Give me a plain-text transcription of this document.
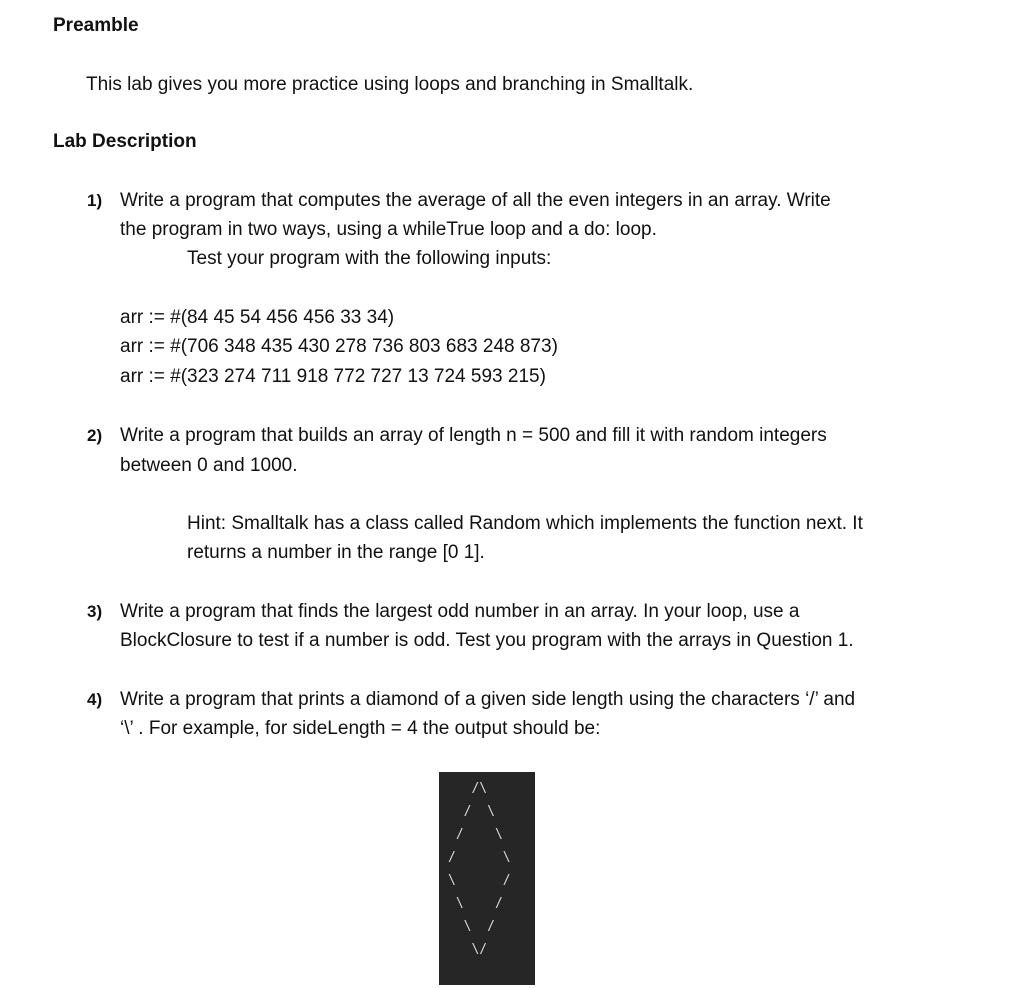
Preamble
This lab gives you more practice using loops and branching in Smalltalk.
Lab Description
1) Write a program that computes the average of all the even integers in an array. Write
the program in two ways, using a whileTrue loop and a do: loop.
Test your program with the following inputs:
arr := #(84 45 54 456 456 33 34)
arr := #(706 348 435 430 278 736 803 683 248 873)
arr := #(323 274 711 918 772 727 13 724 593 215)
2) Write a program that builds an array of length n = 500 and fill it with random integers
between 0 and 1000.
Hint: Smalltalk has a class called Random which implements the function next. It
returns a number in the range [0 1].
3) Write a program that finds the largest odd number in an array. In your loop, use a
BlockClosure to test if a number is odd. Test you program with the arrays in Question 1.
4) Write a program that prints a diamond of a given side length using the characters ‘/’ and
‘\’ . For example, for sideLength = 4 the output should be:
/\
/  \
/    \
/      \
\      /
\    /
\  /
\/
